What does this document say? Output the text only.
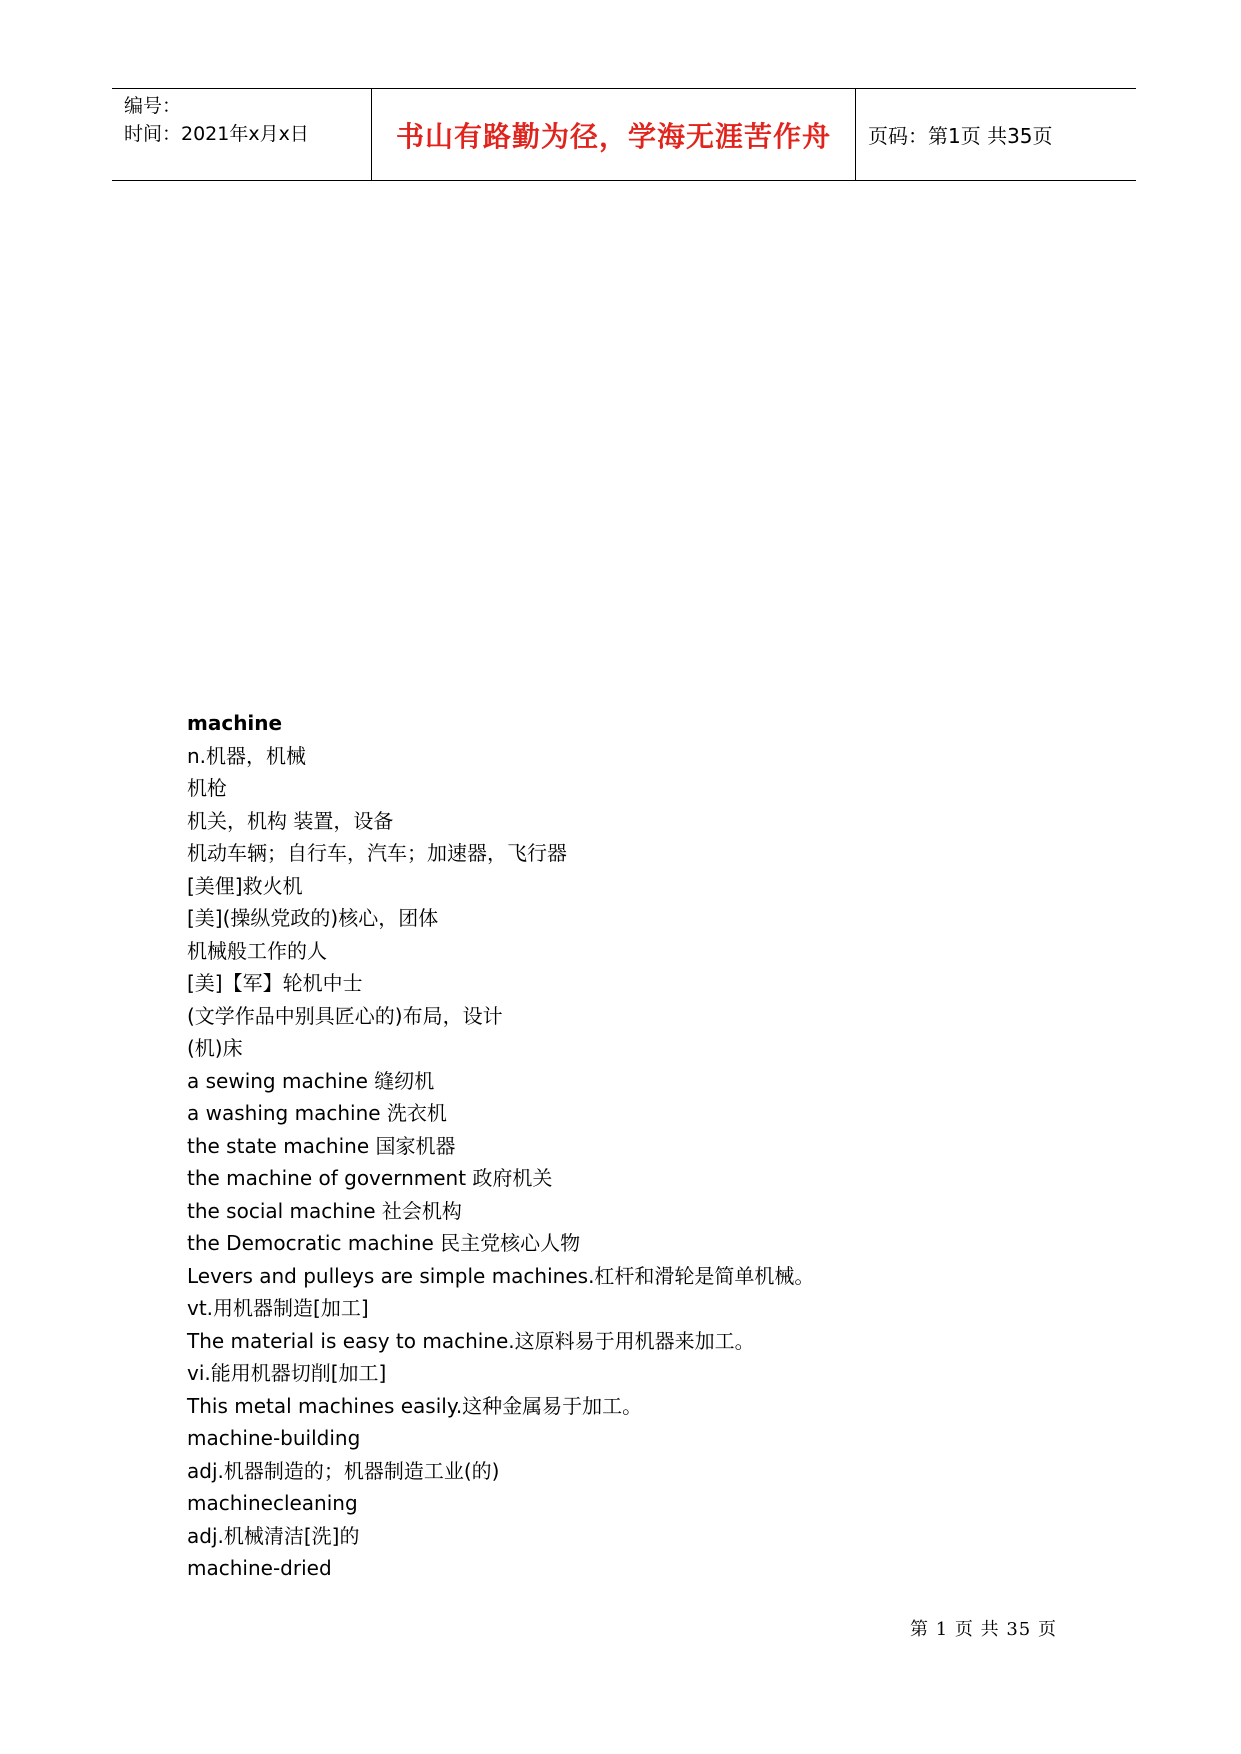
编号：
时间：2021年x月x日	书山有路勤为径，学海无涯苦作舟 页码：第1页 共35页
machine
n.机器，机械
机枪
机关，机构 装置，设备
机动车辆；自行车，汽车；加速器，飞行器
[美俚]救火机
[美](操纵党政的)核心，团体
机械般工作的人
[美]【军】轮机中士
(文学作品中别具匠心的)布局，设计
(机)床
a sewing machine 缝纫机
a washing machine 洗衣机
the state machine 国家机器
the machine of government 政府机关
the social machine 社会机构
the Democratic machine 民主党核心人物
Levers and pulleys are simple machines.杠杆和滑轮是简单机械。
vt.用机器制造[加工]
The material is easy to machine.这原料易于用机器来加工。
vi.能用机器切削[加工]
This metal machines easily.这种金属易于加工。
machine-building
adj.机器制造的；机器制造工业(的)
machinecleaning
adj.机械清洁[洗]的
machine-dried
第 1 页 共 35 页
